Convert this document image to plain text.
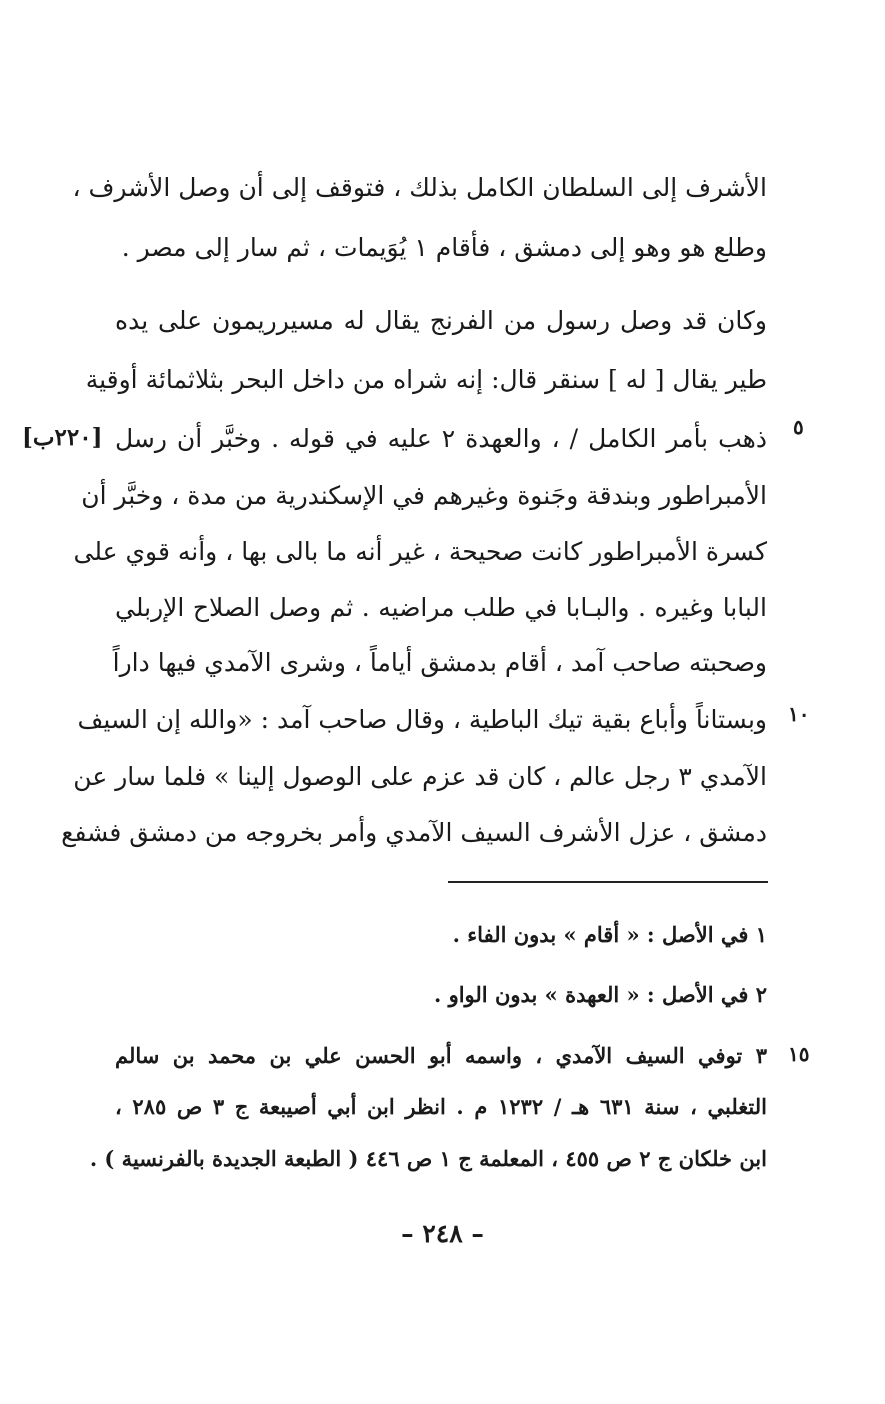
الأشرف إلى السلطان الكامل بذلك ، فتوقف إلى أن وصل الأشرف ،
وطلع هو وهو إلى دمشق ، فأقام ١ يُوَيمات ، ثم سار إلى مصر .
وكان قد وصل رسول من الفرنج يقال له مسيرريمون على يده
طير يقال [ له ] سنقر قال: إنه شراه من داخل البحر بثلاثمائة أوقية
ذهب بأمر الكامل / ، والعهدة ٢ عليه في قوله . وخبَّر أن رسل
الأمبراطور وبندقة وجَنوة وغيرهم في الإسكندرية من مدة ، وخبَّر أن
كسرة الأمبراطور كانت صحيحة ، غير أنه ما بالى بها ، وأنه قوي على
البابا وغيره . والبـابا في طلب مراضيه . ثم وصل الصلاح الإربلي
وصحبته صاحب آمد ، أقام بدمشق أياماً ، وشرى الآمدي فيها داراً
وبستاناً وأباع بقية تيك الباطية ، وقال صاحب آمد : «والله إن السيف
الآمدي ٣ رجل عالم ، كان قد عزم على الوصول إلينا » فلما سار عن
دمشق ، عزل الأشرف السيف الآمدي وأمر بخروجه من دمشق فشفع
٥
١٠
١٥
[٢٢٠ب]
١ في الأصل : « أقام » بدون الفاء .
٢ في الأصل : « العهدة » بدون الواو .
٣ توفي السيف الآمدي ، واسمه أبو الحسن علي بن محمد بن سالم
التغلبي ، سنة ٦٣١ هـ / ١٢٣٢ م . انظر ابن أبي أصيبعة ج ٣ ص ٢٨٥ ،
ابن خلكان ج ٢ ص ٤٥٥ ، المعلمة ج ١ ص ٤٤٦ ( الطبعة الجديدة بالفرنسية ) .
– ٢٤٨ –
